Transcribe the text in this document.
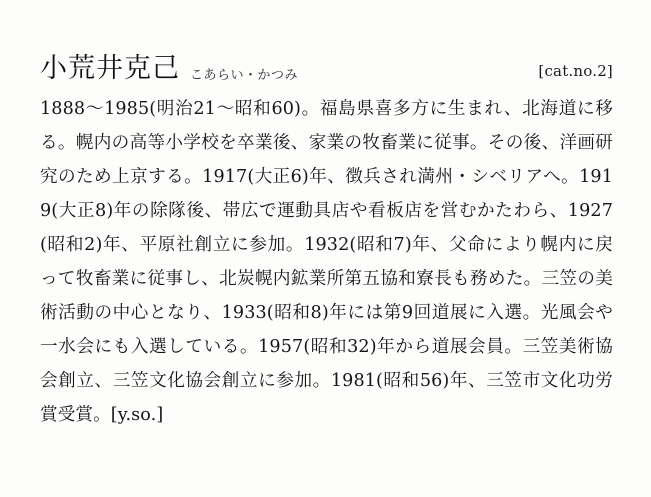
小荒井克己 こあらい・かつみ	[cat.no.2]
1888〜1985(明治21〜昭和60)。福島県喜多方に生まれ、北海道に移る。幌内の高等小学校を卒業後、家業の牧畜業に従事。その後、洋画研究のため上京する。1917(大正6)年、徴兵され満州・シベリアへ。1919(大正8)年の除隊後、帯広で運動具店や看板店を営むかたわら、1927(昭和2)年、平原社創立に参加。1932(昭和7)年、父命により幌内に戻って牧畜業に従事し、北炭幌内鉱業所第五協和寮長も務めた。三笠の美術活動の中心となり、1933(昭和8)年には第9回道展に入選。光風会や一水会にも入選している。1957(昭和32)年から道展会員。三笠美術協会創立、三笠文化協会創立に参加。1981(昭和56)年、三笠市文化功労賞受賞。[y.so.]
